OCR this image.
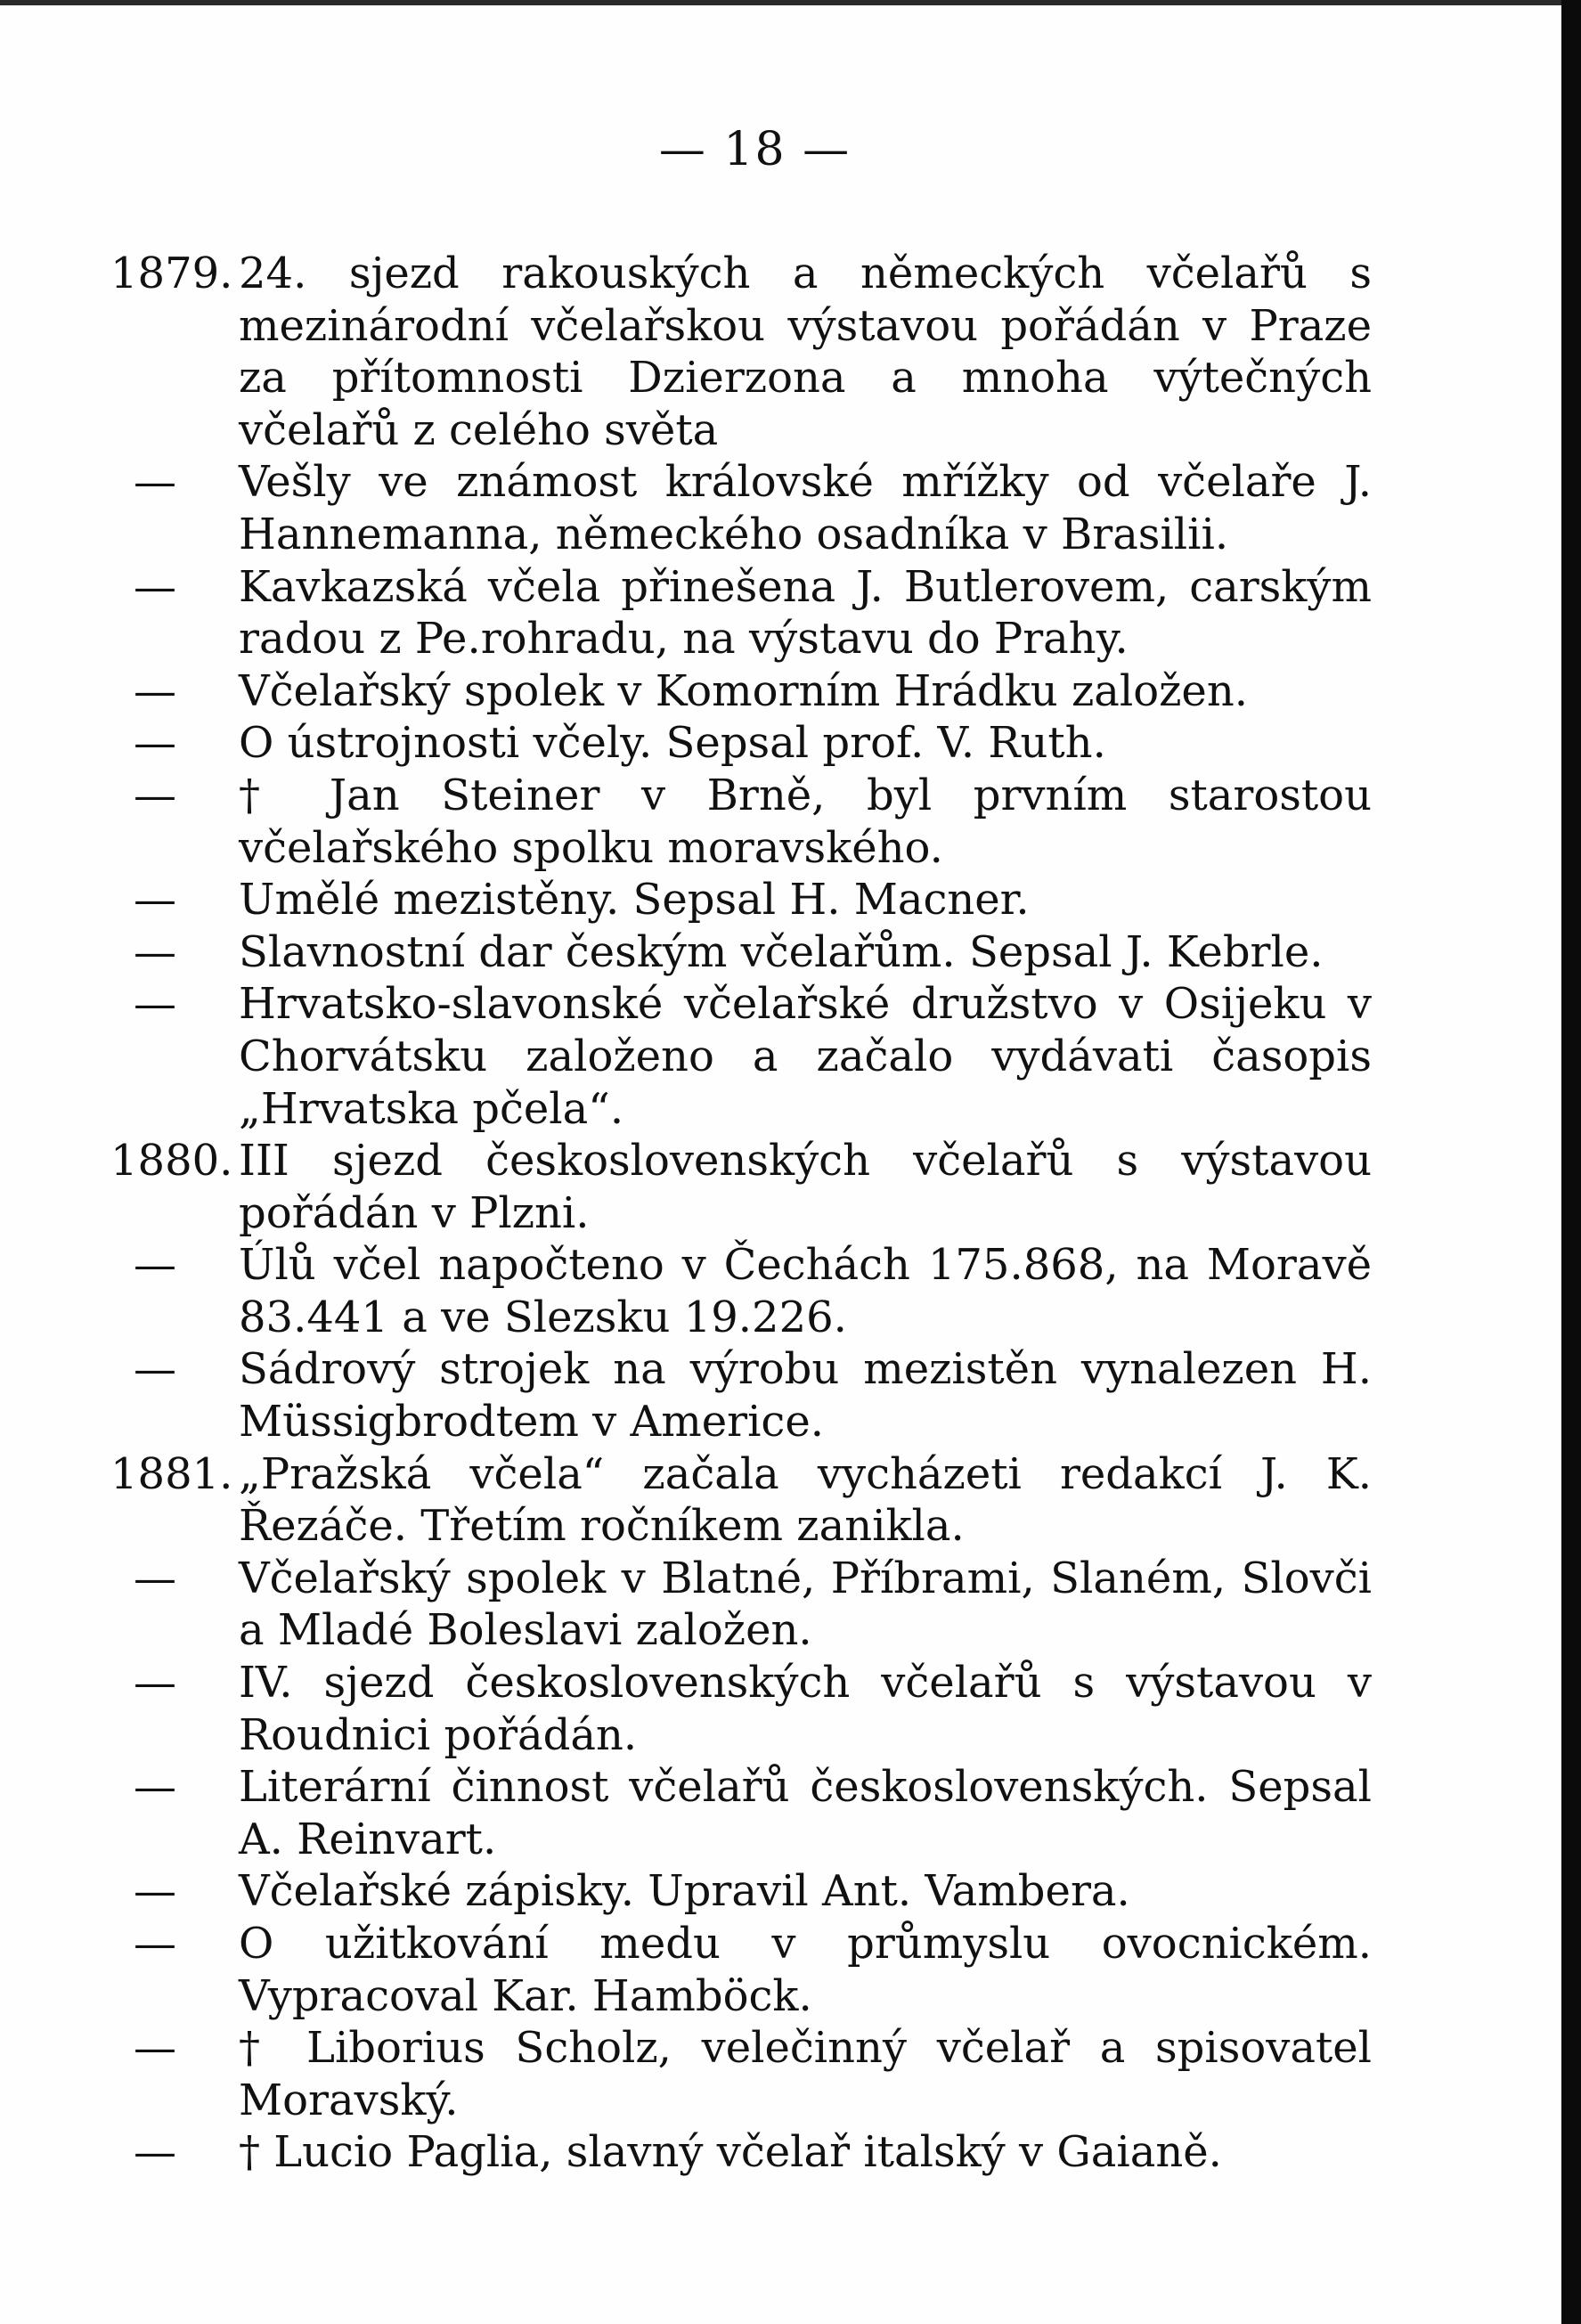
— 18 —
1879. 24. sjezd rakouských a německých včelařů s mezinárodní včelařskou výstavou pořádán v Praze za přítomnosti Dzierzona a mnoha výtečných včelařů z celého světa
—	Vešly ve známost královské mřížky od včelaře J. Hannemanna, německého osadníka v Brasilii.
—	Kavkazská včela přinešena J. Butlerovem, carským radou z Pe.rohradu, na výstavu do Prahy.
—	Včelařský spolek v Komorním Hrádku založen.
—	O ústrojnosti včely. Sepsal prof. V. Ruth.
—	† Jan Steiner v Brně, byl prvním starostou včelařského spolku moravského.
—	Umělé mezistěny. Sepsal H. Macner.
—	Slavnostní dar českým včelařům. Sepsal J. Kebrle.
—	Hrvatsko-slavonské včelařské družstvo v Osijeku v Chorvátsku založeno a začalo vydávati časopis „Hrvatska pčela“.
1880. III sjezd československých včelařů s výstavou pořádán v Plzni.
—	Úlů včel napočteno v Čechách 175.868, na Moravě 83.441 a ve Slezsku 19.226.
—	Sádrový strojek na výrobu mezistěn vynalezen H. Müssigbrodtem v Americe.
1881. „Pražská včela“ začala vycházeti redakcí J. K. Řezáče. Třetím ročníkem zanikla.
—	Včelařský spolek v Blatné, Příbrami, Slaném, Slovči a Mladé Boleslavi založen.
—	IV. sjezd československých včelařů s výstavou v Roudnici pořádán.
—	Literární činnost včelařů československých. Sepsal A. Reinvart.
—	Včelařské zápisky. Upravil Ant. Vambera.
—	O užitkování medu v průmyslu ovocnickém. Vypracoval Kar. Hamböck.
—	† Liborius Scholz, velečinný včelař a spisovatel Moravský.
—	† Lucio Paglia, slavný včelař italský v Gaianě.
